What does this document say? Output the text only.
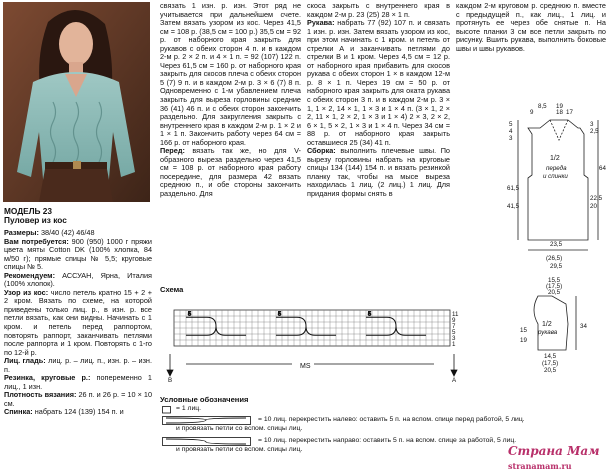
МОДЕЛЬ 23

Пуловер из кос

Размеры: 38/40 (42) 46/48

Вам потребуется: 900 (950) 1000 г пряжи цвета мяты Cotton DK (100% хлопка, 84 м/50 г); прямые спицы № 5,5; круговые спицы № 5.

Рекомендуем: АССУАН, Ярна, Италия (100% хлопок).

Узор из кос: число петель кратно 15 + 2 + 2 кром. Вязать по схеме, на которой приведены только лиц. р., в изн. р. все петли вязать, как они видны. Начинать с 1 кром. и петель перед раппортом, повторять раппорт, заканчивать петлями после раппорта и 1 кром. Повторять с 1-го по 12-й р.

Лиц. гладь: лиц. р. – лиц. п., изн. р. – изн. п.

Резинка, круговые р.: попеременно 1 лиц., 1 изн.

Плотность вязания: 26 п. и 26 р. = 10 × 10 см.

Спинка: набрать 124 (139) 154 п. и

связать 1 изн. р. изн. Этот ряд не учитывается при дальнейшем счете. Затем вязать узором из кос. Через 41,5 см = 108 р. (38,5 см = 100 р.) 35,5 см = 92 р. от наборного края закрыть для рукавов с обеих сторон 4 п. и в каждом 2-м р. 2 × 2 п. и 4 × 1 п. = 92 (107) 122 п. Через 61,5 см = 160 р. от наборного края закрыть для скосов плеча с обеих сторон 5 (7) 9 п. и в каждом 2-м р. 3 × 6 (7) 8 п. Одновременно с 1-м убавлением плеча закрыть для выреза горловины средние 36 (41) 46 п. и с обеих сторон закончить раздельно. Для закругления закрыть с внутреннего края в каждом 2-м р. 1 × 2 и 1 × 1 п. Закончить работу через 64 см = 166 р. от наборного края.

Перед: вязать так же, но для V-образного выреза раздельно через 41,5 см = 108 р. от наборного края работу посередине, для размера 42 вязать среднюю п., и обе стороны закончить раздельно. Для

скоса закрыть с внутреннего края в каждом 2-м р. 23 (25) 28 × 1 п.

Рукава: набрать 77 (92) 107 п. и связать 1 изн. р. изн. Затем вязать узором из кос, при этом начинать с 1 кром. и петель от стрелки А и заканчивать петлями до стрелки В и 1 кром. Через 4,5 см = 12 р. от наборного края прибавить для скосов рукава с обеих сторон 1 × в каждом 12-м р. 8 × 1 п. Через 19 см = 50 р. от наборного края закрыть для оката рукава с обеих сторон 3 п. и в каждом 2-м р. 3 × 1, 1 × 2, 14 × 1, 1 × 3 и 1 × 4 п. (3 × 1, 2 × 2, 11 × 1, 2 × 2, 1 × 3 и 1 × 4) 2 × 3, 2 × 2, 6 × 1, 5 × 2, 1 × 3 и 1 × 4 п. Через 34 см = 88 р. от наборного края закрыть оставшиеся 25 (34) 41 п.

Сборка: выполнить плечевые швы. По вырезу горловины набрать на круговые спицы 134 (144) 154 п. и вязать резинкой планку так, чтобы на мысе выреза находилась 1 лиц. (2 лиц.) 1 лиц. Для придания формы снять в

каждом 2-м круговом р. среднюю п. вместе с предыдущей п., как лиц., 1 лиц. и протянуть ее через обе снятые п. На высоте планки 3 см все петли закрыть по рисунку. Вшить рукава, выполнить боковые швы и швы рукавов.

9
8,5 19
18 17
5
4
3
3
2,5
1/2
переда
и спинки
61,5
41,5
22,5
20
64
23,5
(26,5)
29,5
15,5
(17,5)
20,5
1/2
рукава
34
15
19
14,5
(17,5)
20,5
Схема
5	5	5	11
9
7
5
3
1
MS
B	A
Условные обозначения
= 1 лиц.
= 10 лиц. перекрестить налево: оставить 5 п. на вспом. спице перед работой, 5 лиц.
и провязать петли со вспом. спицы лиц.
= 10 лиц. перекрестить направо: оставить 5 п. на вспом. спице за работой, 5 лиц.
и провязать петли со вспом. спицы лиц.	Страна Мам
stranamam.ru
